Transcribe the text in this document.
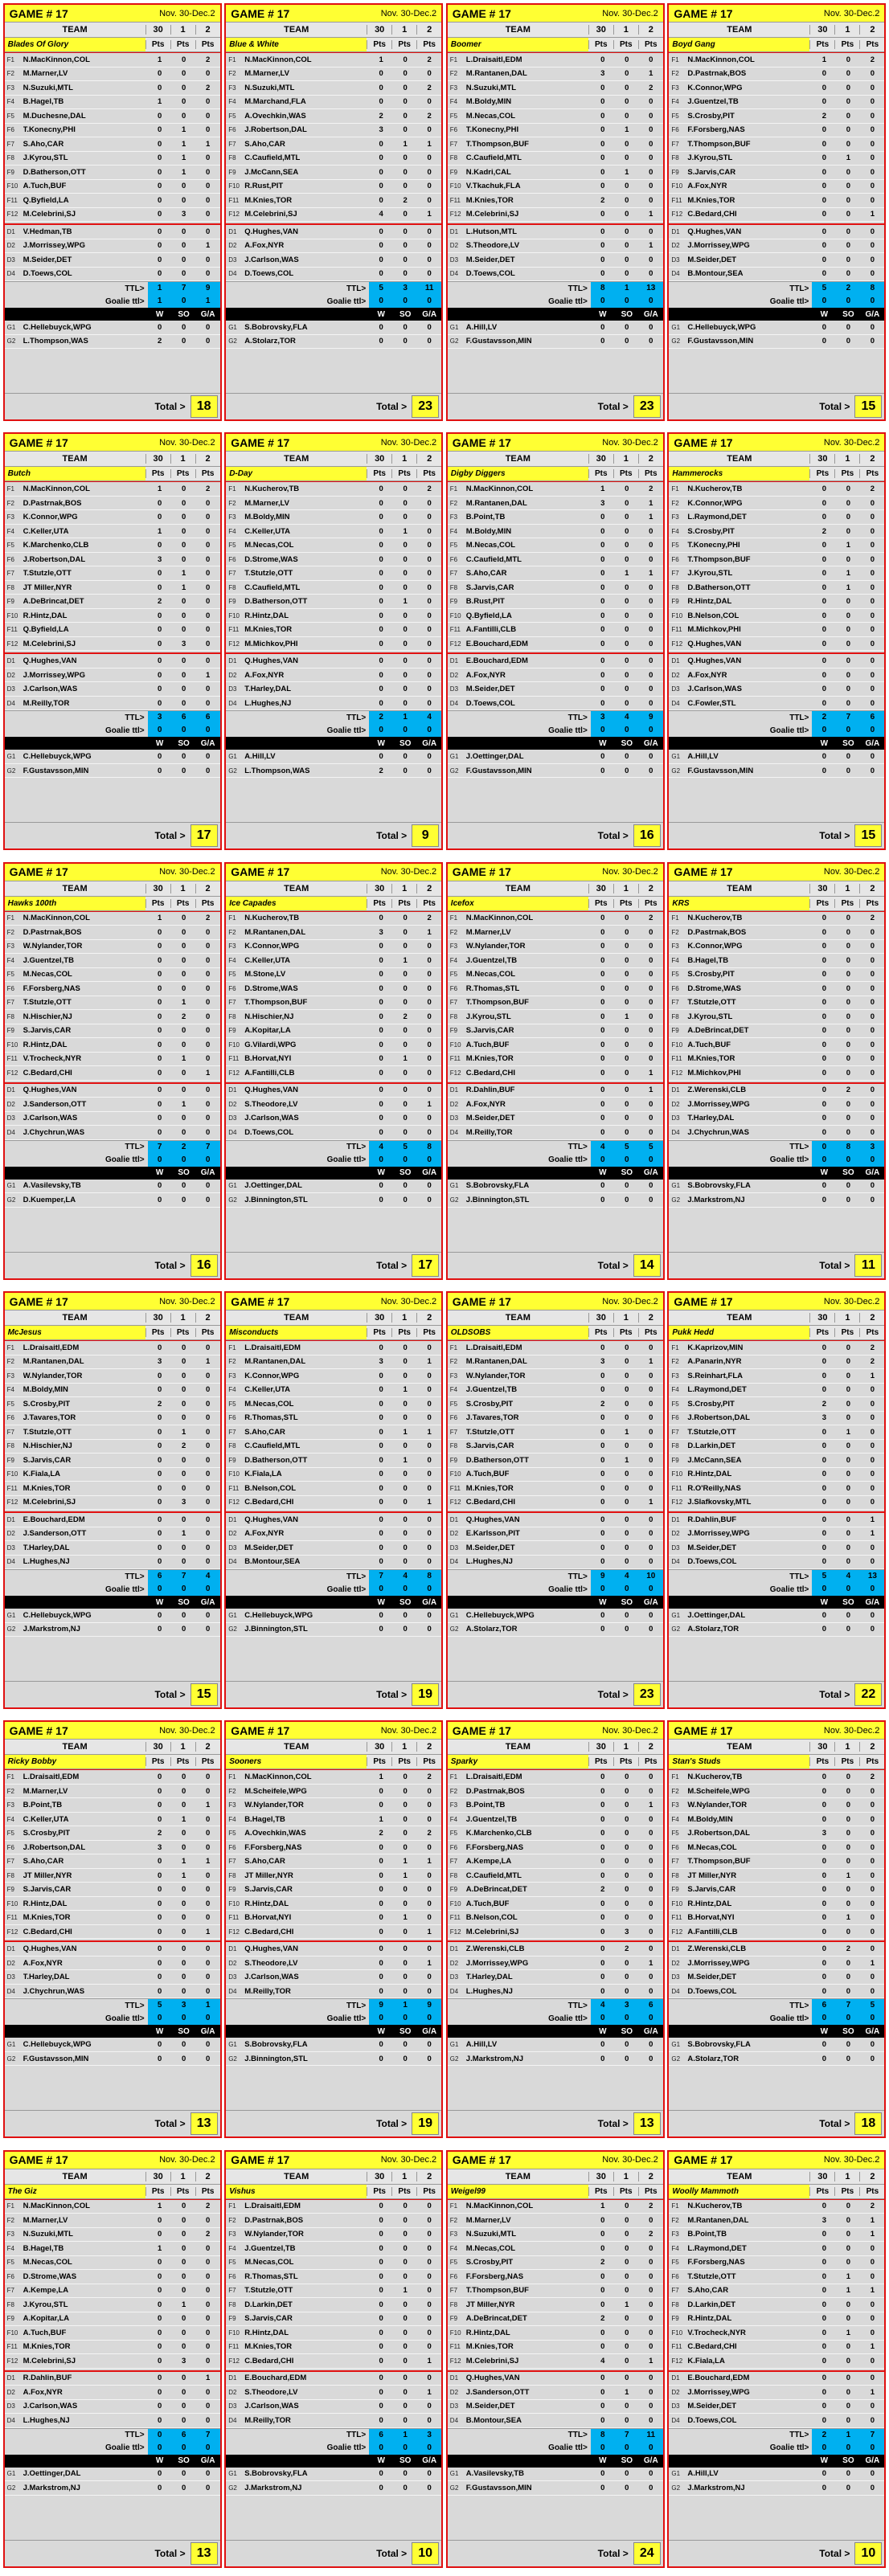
GAME # 17	Nov. 30-Dec.2
TEAM	30	1	2
Blades Of Glory	Pts	Pts	Pts
F1	N.MacKinnon,COL	1	0	2
F2	M.Marner,LV	0	0	0
F3	N.Suzuki,MTL	0	0	2
F4	B.Hagel,TB	1	0	0
F5	M.Duchesne,DAL	0	0	0
F6	T.Konecny,PHI	0	1	0
F7	S.Aho,CAR	0	1	1
F8	J.Kyrou,STL	0	1	0
F9	D.Batherson,OTT	0	1	0
F10 A.Tuch,BUF	0	0	0
F11 Q.Byfield,LA	0	0	0
F12 M.Celebrini,SJ	0	3	0
D1	V.Hedman,TB	0	0	0
D2	J.Morrissey,WPG	0	0	1
D3	M.Seider,DET	0	0	0
D4	D.Toews,COL	0	0	0
TTL>	1	7	9
Goalie ttl>	1	0	1
W	SO	G/A
G1 C.Hellebuyck,WPG	0	0	0
G2 L.Thompson,WAS	2	0	0
Total > 18
GAME # 17	Nov. 30-Dec.2
TEAM	30	1	2
Blue & White	Pts	Pts	Pts
F1	N.MacKinnon,COL	1	0	2
F2	M.Marner,LV	0	0	0
F3	N.Suzuki,MTL	0	0	2
F4	M.Marchand,FLA	0	0	0
F5	A.Ovechkin,WAS	2	0	2
F6	J.Robertson,DAL	3	0	0
F7	S.Aho,CAR	0	1	1
F8	C.Caufield,MTL	0	0	0
F9	J.McCann,SEA	0	0	0
F10 R.Rust,PIT	0	0	0
F11 M.Knies,TOR	0	2	0
F12 M.Celebrini,SJ	4	0	1
D1	Q.Hughes,VAN	0	0	0
D2	A.Fox,NYR	0	0	0
D3	J.Carlson,WAS	0	0	0
D4	D.Toews,COL	0	0	0
TTL>	5	3	11
Goalie ttl>	0	0	0
W	SO	G/A
G1 S.Bobrovsky,FLA	0	0	0
G2 A.Stolarz,TOR	0	0	0
Total > 23
GAME # 17	Nov. 30-Dec.2
TEAM	30	1	2
Boomer	Pts	Pts	Pts
F1	L.Draisaitl,EDM	0	0	0
F2	M.Rantanen,DAL	3	0	1
F3	N.Suzuki,MTL	0	0	2
F4	M.Boldy,MIN	0	0	0
F5	M.Necas,COL	0	0	0
F6	T.Konecny,PHI	0	1	0
F7	T.Thompson,BUF	0	0	0
F8	C.Caufield,MTL	0	0	0
F9	N.Kadri,CAL	0	1	0
F10 V.Tkachuk,FLA	0	0	0
F11 M.Knies,TOR	2	0	0
F12 M.Celebrini,SJ	0	0	1
D1	L.Hutson,MTL	0	0	0
D2	S.Theodore,LV	0	0	1
D3	M.Seider,DET	0	0	0
D4	D.Toews,COL	0	0	0
TTL>	8	1	13
Goalie ttl>	0	0	0
W	SO	G/A
G1 A.Hill,LV	0	0	0
G2 F.Gustavsson,MIN	0	0	0
Total > 23
GAME # 17	Nov. 30-Dec.2
TEAM	30	1	2
Boyd Gang	Pts	Pts	Pts
F1	N.MacKinnon,COL	1	0	2
F2	D.Pastrnak,BOS	0	0	0
F3	K.Connor,WPG	0	0	0
F4	J.Guentzel,TB	0	0	0
F5	S.Crosby,PIT	2	0	0
F6	F.Forsberg,NAS	0	0	0
F7	T.Thompson,BUF	0	0	0
F8	J.Kyrou,STL	0	1	0
F9	S.Jarvis,CAR	0	0	0
F10 A.Fox,NYR	0	0	0
F11 M.Knies,TOR	0	0	0
F12 C.Bedard,CHI	0	0	1
D1	Q.Hughes,VAN	0	0	0
D2	J.Morrissey,WPG	0	0	0
D3	M.Seider,DET	0	0	0
D4	B.Montour,SEA	0	0	0
TTL>	5	2	8
Goalie ttl>	0	0	0
W	SO	G/A
G1 C.Hellebuyck,WPG	0	0	0
G2 F.Gustavsson,MIN	0	0	0
Total > 15
GAME # 17	Nov. 30-Dec.2
TEAM	30	1	2
Butch	Pts	Pts	Pts
F1	N.MacKinnon,COL	1	0	2
F2	D.Pastrnak,BOS	0	0	0
F3	K.Connor,WPG	0	0	0
F4	C.Keller,UTA	1	0	0
F5	K.Marchenko,CLB	0	0	0
F6	J.Robertson,DAL	3	0	0
F7	T.Stutzle,OTT	0	1	0
F8	JT Miller,NYR	0	1	0
F9	A.DeBrincat,DET	2	0	0
F10 R.Hintz,DAL	0	0	0
F11 Q.Byfield,LA	0	0	0
F12 M.Celebrini,SJ	0	3	0
D1	Q.Hughes,VAN	0	0	0
D2	J.Morrissey,WPG	0	0	1
D3	J.Carlson,WAS	0	0	0
D4	M.Reilly,TOR	0	0	0
TTL>	3	6	6
Goalie ttl>	0	0	0
W	SO	G/A
G1 C.Hellebuyck,WPG	0	0	0
G2 F.Gustavsson,MIN	0	0	0
Total > 17
GAME # 17	Nov. 30-Dec.2
TEAM	30	1	2
D-Day	Pts	Pts	Pts
F1	N.Kucherov,TB	0	0	2
F2	M.Marner,LV	0	0	0
F3	M.Boldy,MIN	0	0	0
F4	C.Keller,UTA	0	1	0
F5	M.Necas,COL	0	0	0
F6	D.Strome,WAS	0	0	0
F7	T.Stutzle,OTT	0	0	0
F8	C.Caufield,MTL	0	0	0
F9	D.Batherson,OTT	0	1	0
F10 R.Hintz,DAL	0	0	0
F11 M.Knies,TOR	0	0	0
F12 M.Michkov,PHI	0	0	0
D1	Q.Hughes,VAN	0	0	0
D2	A.Fox,NYR	0	0	0
D3	T.Harley,DAL	0	0	0
D4	L.Hughes,NJ	0	0	0
TTL>	2	1	4
Goalie ttl>	0	0	0
W	SO	G/A
G1 A.Hill,LV	0	0	0
G2 L.Thompson,WAS	2	0	0
Total >	9
GAME # 17	Nov. 30-Dec.2
TEAM	30	1	2
Digby Diggers	Pts	Pts	Pts
F1	N.MacKinnon,COL	1	0	2
F2	M.Rantanen,DAL	3	0	1
F3	B.Point,TB	0	0	1
F4	M.Boldy,MIN	0	0	0
F5	M.Necas,COL	0	0	0
F6	C.Caufield,MTL	0	0	0
F7	S.Aho,CAR	0	1	1
F8	S.Jarvis,CAR	0	0	0
F9	B.Rust,PIT	0	0	0
F10 Q.Byfield,LA	0	0	0
F11 A.Fantilli,CLB	0	0	0
F12 E.Bouchard,EDM	0	0	0
D1	E.Bouchard,EDM	0	0	0
D2	A.Fox,NYR	0	0	0
D3	M.Seider,DET	0	0	0
D4	D.Toews,COL	0	0	0
TTL>	3	4	9
Goalie ttl>	0	0	0
W	SO	G/A
G1 J.Oettinger,DAL	0	0	0
G2 F.Gustavsson,MIN	0	0	0
Total > 16
GAME # 17	Nov. 30-Dec.2
TEAM	30	1	2
Hammerocks	Pts	Pts	Pts
F1	N.Kucherov,TB	0	0	2
F2	K.Connor,WPG	0	0	0
F3	L.Raymond,DET	0	0	0
F4	S.Crosby,PIT	2	0	0
F5	T.Konecny,PHI	0	1	0
F6	T.Thompson,BUF	0	0	0
F7	J.Kyrou,STL	0	1	0
F8	D.Batherson,OTT	0	1	0
F9	R.Hintz,DAL	0	0	0
F10 B.Nelson,COL	0	0	0
F11 M.Michkov,PHI	0	0	0
F12 Q.Hughes,VAN	0	0	0
D1	Q.Hughes,VAN	0	0	0
D2	A.Fox,NYR	0	0	0
D3	J.Carlson,WAS	0	0	0
D4	C.Fowler,STL	0	0	0
TTL>	2	7	6
Goalie ttl>	0	0	0
W	SO	G/A
G1 A.Hill,LV	0	0	0
G2 F.Gustavsson,MIN	0	0	0
Total > 15
GAME # 17	Nov. 30-Dec.2
TEAM	30	1	2
Hawks 100th	Pts	Pts	Pts
F1	N.MacKinnon,COL	1	0	2
F2	D.Pastrnak,BOS	0	0	0
F3	W.Nylander,TOR	0	0	0
F4	J.Guentzel,TB	0	0	0
F5	M.Necas,COL	0	0	0
F6	F.Forsberg,NAS	0	0	0
F7	T.Stutzle,OTT	0	1	0
F8	N.Hischier,NJ	0	2	0
F9	S.Jarvis,CAR	0	0	0
F10 R.Hintz,DAL	0	0	0
F11 V.Trocheck,NYR	0	1	0
F12 C.Bedard,CHI	0	0	1
D1	Q.Hughes,VAN	0	0	0
D2	J.Sanderson,OTT	0	1	0
D3	J.Carlson,WAS	0	0	0
D4	J.Chychrun,WAS	0	0	0
TTL>	7	2	7
Goalie ttl>	0	0	0
W	SO	G/A
G1 A.Vasilevsky,TB	0	0	0
G2 D.Kuemper,LA	0	0	0
Total > 16
GAME # 17	Nov. 30-Dec.2
TEAM	30	1	2
Ice Capades	Pts	Pts	Pts
F1	N.Kucherov,TB	0	0	2
F2	M.Rantanen,DAL	3	0	1
F3	K.Connor,WPG	0	0	0
F4	C.Keller,UTA	0	1	0
F5	M.Stone,LV	0	0	0
F6	D.Strome,WAS	0	0	0
F7	T.Thompson,BUF	0	0	0
F8	N.Hischier,NJ	0	2	0
F9	A.Kopitar,LA	0	0	0
F10 G.Vilardi,WPG	0	0	0
F11 B.Horvat,NYI	0	1	0
F12 A.Fantilli,CLB	0	0	0
D1	Q.Hughes,VAN	0	0	0
D2	S.Theodore,LV	0	0	1
D3	J.Carlson,WAS	0	0	0
D4	D.Toews,COL	0	0	0
TTL>	4	5	8
Goalie ttl>	0	0	0
W	SO	G/A
G1 J.Oettinger,DAL	0	0	0
G2 J.Binnington,STL	0	0	0
Total > 17
GAME # 17	Nov. 30-Dec.2
TEAM	30	1	2
Icefox	Pts	Pts	Pts
F1	N.MacKinnon,COL	0	0	2
F2	M.Marner,LV	0	0	0
F3	W.Nylander,TOR	0	0	0
F4	J.Guentzel,TB	0	0	0
F5	M.Necas,COL	0	0	0
F6	R.Thomas,STL	0	0	0
F7	T.Thompson,BUF	0	0	0
F8	J.Kyrou,STL	0	1	0
F9	S.Jarvis,CAR	0	0	0
F10 A.Tuch,BUF	0	0	0
F11 M.Knies,TOR	0	0	0
F12 C.Bedard,CHI	0	0	1
D1	R.Dahlin,BUF	0	0	1
D2	A.Fox,NYR	0	0	0
D3	M.Seider,DET	0	0	0
D4	M.Reilly,TOR	0	0	0
TTL>	4	5	5
Goalie ttl>	0	0	0
W	SO	G/A
G1 S.Bobrovsky,FLA	0	0	0
G2 J.Binnington,STL	0	0	0
Total > 14
GAME # 17	Nov. 30-Dec.2
TEAM	30	1	2
KRS	Pts	Pts	Pts
F1	N.Kucherov,TB	0	0	2
F2	D.Pastrnak,BOS	0	0	0
F3	K.Connor,WPG	0	0	0
F4	B.Hagel,TB	0	0	0
F5	S.Crosby,PIT	0	0	0
F6	D.Strome,WAS	0	0	0
F7	T.Stutzle,OTT	0	0	0
F8	J.Kyrou,STL	0	0	0
F9	A.DeBrincat,DET	0	0	0
F10 A.Tuch,BUF	0	0	0
F11 M.Knies,TOR	0	0	0
F12 M.Michkov,PHI	0	0	0
D1	Z.Werenski,CLB	0	2	0
D2	J.Morrissey,WPG	0	0	0
D3	T.Harley,DAL	0	0	0
D4	J.Chychrun,WAS	0	0	0
TTL>	0	8	3
Goalie ttl>	0	0	0
W	SO	G/A
G1 S.Bobrovsky,FLA	0	0	0
G2 J.Markstrom,NJ	0	0	0
Total > 11
GAME # 17	Nov. 30-Dec.2
TEAM	30	1	2
McJesus	Pts	Pts	Pts
F1	L.Draisaitl,EDM	0	0	0
F2	M.Rantanen,DAL	3	0	1
F3	W.Nylander,TOR	0	0	0
F4	M.Boldy,MIN	0	0	0
F5	S.Crosby,PIT	2	0	0
F6	J.Tavares,TOR	0	0	0
F7	T.Stutzle,OTT	0	1	0
F8	N.Hischier,NJ	0	2	0
F9	S.Jarvis,CAR	0	0	0
F10 K.Fiala,LA	0	0	0
F11 M.Knies,TOR	0	0	0
F12 M.Celebrini,SJ	0	3	0
D1	E.Bouchard,EDM	0	0	0
D2	J.Sanderson,OTT	0	1	0
D3	T.Harley,DAL	0	0	0
D4	L.Hughes,NJ	0	0	0
TTL>	6	7	4
Goalie ttl>	0	0	0
W	SO	G/A
G1 C.Hellebuyck,WPG	0	0	0
G2 J.Markstrom,NJ	0	0	0
Total > 15
GAME # 17	Nov. 30-Dec.2
TEAM	30	1	2
Misconducts	Pts	Pts	Pts
F1	L.Draisaitl,EDM	0	0	0
F2	M.Rantanen,DAL	3	0	1
F3	K.Connor,WPG	0	0	0
F4	C.Keller,UTA	0	1	0
F5	M.Necas,COL	0	0	0
F6	R.Thomas,STL	0	0	0
F7	S.Aho,CAR	0	1	1
F8	C.Caufield,MTL	0	0	0
F9	D.Batherson,OTT	0	1	0
F10 K.Fiala,LA	0	0	0
F11 B.Nelson,COL	0	0	0
F12 C.Bedard,CHI	0	0	1
D1	Q.Hughes,VAN	0	0	0
D2	A.Fox,NYR	0	0	0
D3	M.Seider,DET	0	0	0
D4	B.Montour,SEA	0	0	0
TTL>	7	4	8
Goalie ttl>	0	0	0
W	SO	G/A
G1 C.Hellebuyck,WPG	0	0	0
G2 J.Binnington,STL	0	0	0
Total > 19
GAME # 17	Nov. 30-Dec.2
TEAM	30	1	2
OLDSOBS	Pts	Pts	Pts
F1	L.Draisaitl,EDM	0	0	0
F2	M.Rantanen,DAL	3	0	1
F3	W.Nylander,TOR	0	0	0
F4	J.Guentzel,TB	0	0	0
F5	S.Crosby,PIT	2	0	0
F6	J.Tavares,TOR	0	0	0
F7	T.Stutzle,OTT	0	1	0
F8	S.Jarvis,CAR	0	0	0
F9	D.Batherson,OTT	0	1	0
F10 A.Tuch,BUF	0	0	0
F11 M.Knies,TOR	0	0	0
F12 C.Bedard,CHI	0	0	1
D1	Q.Hughes,VAN	0	0	0
D2	E.Karlsson,PIT	0	0	0
D3	M.Seider,DET	0	0	0
D4	L.Hughes,NJ	0	0	0
TTL>	9	4	10
Goalie ttl>	0	0	0
W	SO	G/A
G1 C.Hellebuyck,WPG	0	0	0
G2 A.Stolarz,TOR	0	0	0
Total > 23
GAME # 17	Nov. 30-Dec.2
TEAM	30	1	2
Pukk Hedd	Pts	Pts	Pts
F1	K.Kaprizov,MIN	0	0	2
F2	A.Panarin,NYR	0	0	2
F3	S.Reinhart,FLA	0	0	1
F4	L.Raymond,DET	0	0	0
F5	S.Crosby,PIT	2	0	0
F6	J.Robertson,DAL	3	0	0
F7	T.Stutzle,OTT	0	1	0
F8	D.Larkin,DET	0	0	0
F9	J.McCann,SEA	0	0	0
F10 R.Hintz,DAL	0	0	0
F11 R.O'Reilly,NAS	0	0	0
F12 J.Slafkovsky,MTL	0	0	0
D1	R.Dahlin,BUF	0	0	1
D2	J.Morrissey,WPG	0	0	1
D3	M.Seider,DET	0	0	0
D4	D.Toews,COL	0	0	0
TTL>	5	4	13
Goalie ttl>	0	0	0
W	SO	G/A
G1 J.Oettinger,DAL	0	0	0
G2 A.Stolarz,TOR	0	0	0
Total > 22
GAME # 17	Nov. 30-Dec.2
TEAM	30	1	2
Ricky Bobby	Pts	Pts	Pts
F1	L.Draisaitl,EDM	0	0	0
F2	M.Marner,LV	0	0	0
F3	B.Point,TB	0	0	1
F4	C.Keller,UTA	0	1	0
F5	S.Crosby,PIT	2	0	0
F6	J.Robertson,DAL	3	0	0
F7	S.Aho,CAR	0	1	1
F8	JT Miller,NYR	0	1	0
F9	S.Jarvis,CAR	0	0	0
F10 R.Hintz,DAL	0	0	0
F11 M.Knies,TOR	0	0	0
F12 C.Bedard,CHI	0	0	1
D1	Q.Hughes,VAN	0	0	0
D2	A.Fox,NYR	0	0	0
D3	T.Harley,DAL	0	0	0
D4	J.Chychrun,WAS	0	0	0
TTL>	5	3	1
Goalie ttl>	0	0	0
W	SO	G/A
G1 C.Hellebuyck,WPG	0	0	0
G2 F.Gustavsson,MIN	0	0	0
Total > 13
GAME # 17	Nov. 30-Dec.2
TEAM	30	1	2
Sooners	Pts	Pts	Pts
F1	N.MacKinnon,COL	1	0	2
F2	M.Scheifele,WPG	0	0	0
F3	W.Nylander,TOR	0	0	0
F4	B.Hagel,TB	1	0	0
F5	A.Ovechkin,WAS	2	0	2
F6	F.Forsberg,NAS	0	0	0
F7	S.Aho,CAR	0	1	1
F8	JT Miller,NYR	0	1	0
F9	S.Jarvis,CAR	0	0	0
F10 R.Hintz,DAL	0	0	0
F11 B.Horvat,NYI	0	1	0
F12 C.Bedard,CHI	0	0	1
D1	Q.Hughes,VAN	0	0	0
D2	S.Theodore,LV	0	0	1
D3	J.Carlson,WAS	0	0	0
D4	M.Reilly,TOR	0	0	0
TTL>	9	1	9
Goalie ttl>	0	0	0
W	SO	G/A
G1 S.Bobrovsky,FLA	0	0	0
G2 J.Binnington,STL	0	0	0
Total > 19
GAME # 17	Nov. 30-Dec.2
TEAM	30	1	2
Sparky	Pts	Pts	Pts
F1	L.Draisaitl,EDM	0	0	0
F2	D.Pastrnak,BOS	0	0	0
F3	B.Point,TB	0	0	1
F4	J.Guentzel,TB	0	0	0
F5	K.Marchenko,CLB	0	0	0
F6	F.Forsberg,NAS	0	0	0
F7	A.Kempe,LA	0	0	0
F8	C.Caufield,MTL	0	0	0
F9	A.DeBrincat,DET	2	0	0
F10 A.Tuch,BUF	0	0	0
F11 B.Nelson,COL	0	0	0
F12 M.Celebrini,SJ	0	3	0
D1	Z.Werenski,CLB	0	2	0
D2	J.Morrissey,WPG	0	0	1
D3	T.Harley,DAL	0	0	0
D4	L.Hughes,NJ	0	0	0
TTL>	4	3	6
Goalie ttl>	0	0	0
W	SO	G/A
G1 A.Hill,LV	0	0	0
G2 J.Markstrom,NJ	0	0	0
Total > 13
GAME # 17	Nov. 30-Dec.2
TEAM	30	1	2
Stan's Studs	Pts	Pts	Pts
F1	N.Kucherov,TB	0	0	2
F2	M.Scheifele,WPG	0	0	0
F3	W.Nylander,TOR	0	0	0
F4	M.Boldy,MIN	0	0	0
F5	J.Robertson,DAL	3	0	0
F6	M.Necas,COL	0	0	0
F7	T.Thompson,BUF	0	0	0
F8	JT Miller,NYR	0	1	0
F9	S.Jarvis,CAR	0	0	0
F10 R.Hintz,DAL	0	0	0
F11 B.Horvat,NYI	0	1	0
F12 A.Fantilli,CLB	0	0	0
D1	Z.Werenski,CLB	0	2	0
D2	J.Morrissey,WPG	0	0	1
D3	M.Seider,DET	0	0	0
D4	D.Toews,COL	0	0	0
TTL>	6	7	5
Goalie ttl>	0	0	0
W	SO	G/A
G1 S.Bobrovsky,FLA	0	0	0
G2 A.Stolarz,TOR	0	0	0
Total > 18
GAME # 17	Nov. 30-Dec.2
TEAM	30	1	2
The Giz	Pts	Pts	Pts
F1	N.MacKinnon,COL	1	0	2
F2	M.Marner,LV	0	0	0
F3	N.Suzuki,MTL	0	0	2
F4	B.Hagel,TB	1	0	0
F5	M.Necas,COL	0	0	0
F6	D.Strome,WAS	0	0	0
F7	A.Kempe,LA	0	0	0
F8	J.Kyrou,STL	0	1	0
F9	A.Kopitar,LA	0	0	0
F10 A.Tuch,BUF	0	0	0
F11 M.Knies,TOR	0	0	0
F12 M.Celebrini,SJ	0	3	0
D1	R.Dahlin,BUF	0	0	1
D2	A.Fox,NYR	0	0	0
D3	J.Carlson,WAS	0	0	0
D4	L.Hughes,NJ	0	0	0
TTL>	0	6	7
Goalie ttl>	0	0	0
W	SO	G/A
G1 J.Oettinger,DAL	0	0	0
G2 J.Markstrom,NJ	0	0	0
Total > 13
GAME # 17	Nov. 30-Dec.2
TEAM	30	1	2
Vishus	Pts	Pts	Pts
F1	L.Draisaitl,EDM	0	0	0
F2	D.Pastrnak,BOS	0	0	0
F3	W.Nylander,TOR	0	0	0
F4	J.Guentzel,TB	0	0	0
F5	M.Necas,COL	0	0	0
F6	R.Thomas,STL	0	0	0
F7	T.Stutzle,OTT	0	1	0
F8	D.Larkin,DET	0	0	0
F9	S.Jarvis,CAR	0	0	0
F10 R.Hintz,DAL	0	0	0
F11 M.Knies,TOR	0	0	0
F12 C.Bedard,CHI	0	0	1
D1	E.Bouchard,EDM	0	0	0
D2	S.Theodore,LV	0	0	1
D3	J.Carlson,WAS	0	0	0
D4	M.Reilly,TOR	0	0	0
TTL>	6	1	3
Goalie ttl>	0	0	0
W	SO	G/A
G1 S.Bobrovsky,FLA	0	0	0
G2 J.Markstrom,NJ	0	0	0
Total > 10
GAME # 17	Nov. 30-Dec.2
TEAM	30	1	2
Weigel99	Pts	Pts	Pts
F1	N.MacKinnon,COL	1	0	2
F2	M.Marner,LV	0	0	0
F3	N.Suzuki,MTL	0	0	2
F4	M.Necas,COL	0	0	0
F5	S.Crosby,PIT	2	0	0
F6	F.Forsberg,NAS	0	0	0
F7	T.Thompson,BUF	0	0	0
F8	JT Miller,NYR	0	1	0
F9	A.DeBrincat,DET	2	0	0
F10 R.Hintz,DAL	0	0	0
F11 M.Knies,TOR	0	0	0
F12 M.Celebrini,SJ	4	0	1
D1	Q.Hughes,VAN	0	0	0
D2	J.Sanderson,OTT	0	1	0
D3	M.Seider,DET	0	0	0
D4	B.Montour,SEA	0	0	0
TTL>	8	7	11
Goalie ttl>	0	0	0
W	SO	G/A
G1 A.Vasilevsky,TB	0	0	0
G2 F.Gustavsson,MIN	0	0	0
Total > 24
GAME # 17	Nov. 30-Dec.2
TEAM	30	1	2
Woolly Mammoth	Pts	Pts	Pts
F1	N.Kucherov,TB	0	0	2
F2	M.Rantanen,DAL	3	0	1
F3	B.Point,TB	0	0	1
F4	L.Raymond,DET	0	0	0
F5	F.Forsberg,NAS	0	0	0
F6	T.Stutzle,OTT	0	1	0
F7	S.Aho,CAR	0	1	1
F8	D.Larkin,DET	0	0	0
F9	R.Hintz,DAL	0	0	0
F10 V.Trocheck,NYR	0	1	0
F11 C.Bedard,CHI	0	0	1
F12 K.Fiala,LA	0	0	0
D1	E.Bouchard,EDM	0	0	0
D2	J.Morrissey,WPG	0	0	1
D3	M.Seider,DET	0	0	0
D4	D.Toews,COL	0	0	0
TTL>	2	1	7
Goalie ttl>	0	0	0
W	SO	G/A
G1 A.Hill,LV	0	0	0
G2 J.Markstrom,NJ	0	0	0
Total > 10
